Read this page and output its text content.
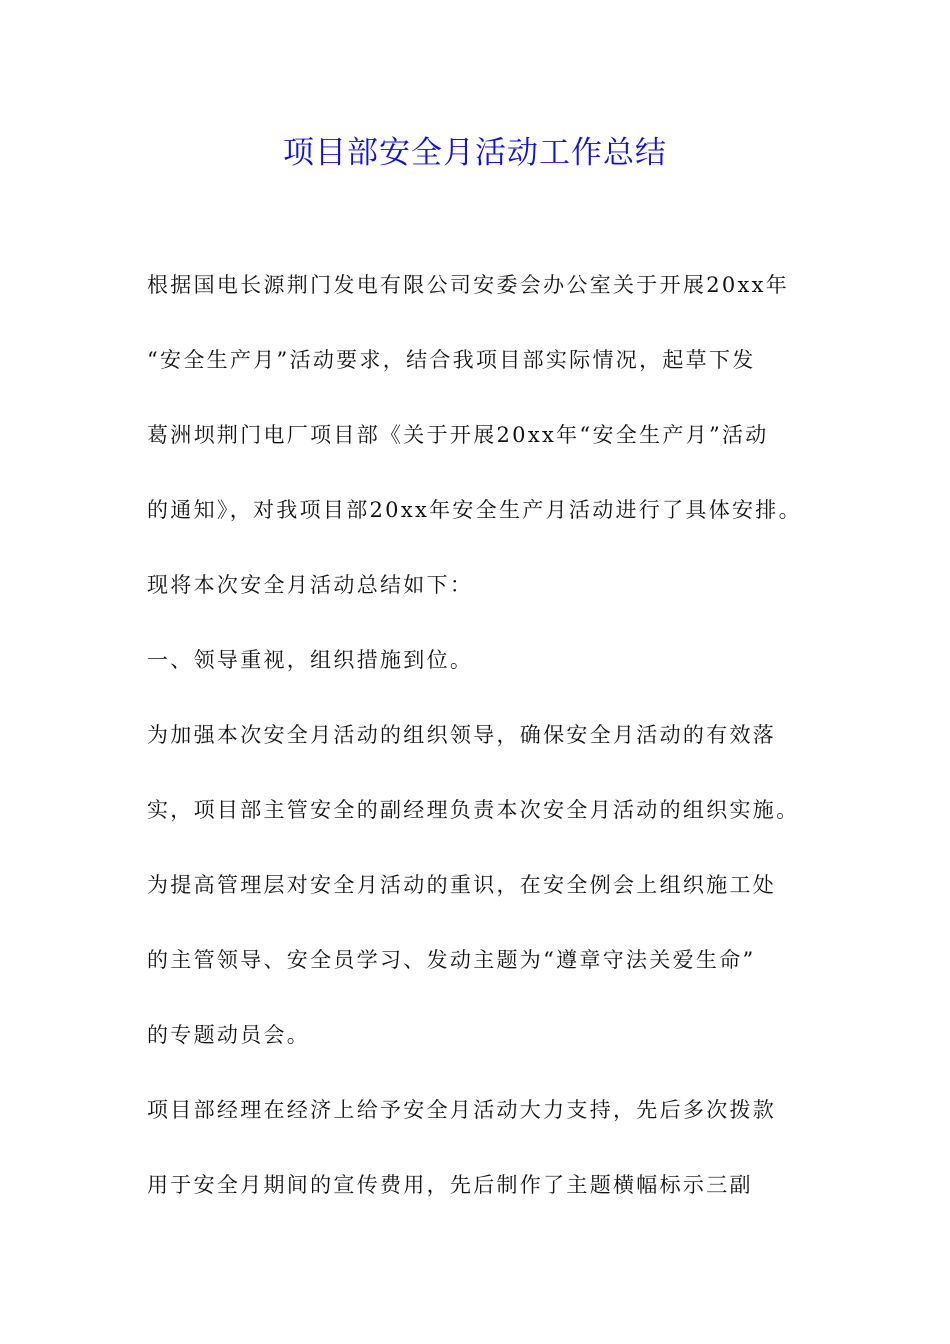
项目部安全月活动工作总结

根据国电长源荆门发电有限公司安委会办公室关于开展20xx年

“安全生产月”活动要求，结合我项目部实际情况，起草下发

葛洲坝荆门电厂项目部《关于开展20xx年“安全生产月”活动

的通知》，对我项目部20xx年安全生产月活动进行了具体安排。

现将本次安全月活动总结如下：

一、领导重视，组织措施到位。

为加强本次安全月活动的组织领导，确保安全月活动的有效落

实，项目部主管安全的副经理负责本次安全月活动的组织实施。

为提高管理层对安全月活动的重识，在安全例会上组织施工处

的主管领导、安全员学习、发动主题为“遵章守法关爱生命”

的专题动员会。

项目部经理在经济上给予安全月活动大力支持，先后多次拨款

用于安全月期间的宣传费用，先后制作了主题横幅标示三副
